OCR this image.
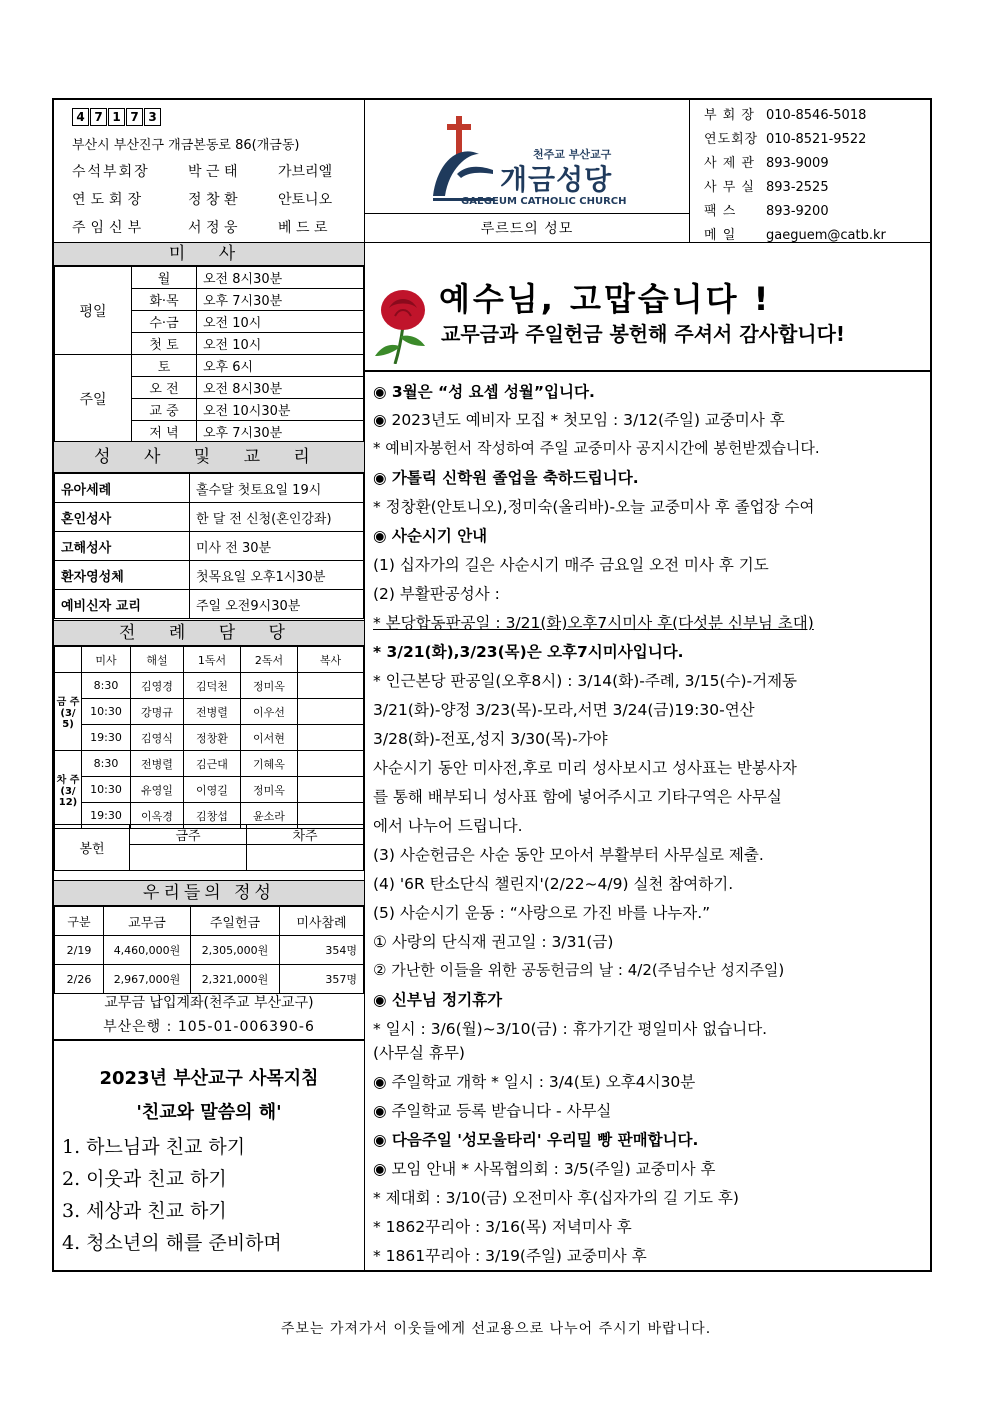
4 7 1 7 3
부산시 부산진구 개금본동로 86(개금동)
수석부회장	박 근 태	가브리엘
연도회장	정 창 환	안토니오
주임신부	서 정 웅	베 드 로
천주교 부산교구
개금성당
GAEGEUM CATHOLIC CHURCH
루르드의 성모
부 회 장 010-8546-5018
연도회장 010-8521-9522
사 제 관 893-9009
사 무 실 893-2525
팩 스 893-9200
메 일 gaeguem@catb.kr
미 사
평일	월	오전 8시30분
	화·목	오후 7시30분
	수·금	오전 10시
	첫 토	오전 10시
주일	토	오후 6시
	오 전	오전 8시30분
	교 중	오전 10시30분
	저 녁	오후 7시30분
성 사 및 교 리
유아세례	홀수달 첫토요일 19시
혼인성사	한 달 전 신청(혼인강좌)
고해성사	미사 전 30분
환자영성체	첫목요일 오후1시30분
예비신자 교리	주일 오전9시30분
전 례 담 당
	미사	해설	1독서	2독서	복사
금 주 (3/ 5)	8:30	김영경	김덕천	정미옥	
	10:30	강명규	전병렬	이우선	
	19:30	김영식	정창환	이서현	
차 주 (3/ 12)	8:30	전병렬	김근대	기혜옥	
	10:30	유영일	이영길	정미옥	
	19:30	이옥경	김창섭	윤소라	
봉헌	금주	차주

우리들의 정성
구분	교무금	주일헌금	미사참례
2/19	4,460,000원	2,305,000원	354명
2/26	2,967,000원	2,321,000원	357명
교무금 납입계좌(천주교 부산교구)
부산은행 : 105-01-006390-6
2023년 부산교구 사목지침
'친교와 말씀의 해'
1. 하느님과 친교 하기
2. 이웃과 친교 하기
3. 세상과 친교 하기
4. 청소년의 해를 준비하며
예수님, 고맙습니다 !
교무금과 주일헌금 봉헌해 주셔서 감사합니다!
◉ 3월은 “성 요셉 성월”입니다.
◉ 2023년도 예비자 모집 * 첫모임 : 3/12(주일) 교중미사 후
* 예비자봉헌서 작성하여 주일 교중미사 공지시간에 봉헌받겠습니다.
◉ 가톨릭 신학원 졸업을 축하드립니다.
* 정창환(안토니오),정미숙(올리바)-오늘 교중미사 후 졸업장 수여
◉ 사순시기 안내
(1) 십자가의 길은 사순시기 매주 금요일 오전 미사 후 기도
(2) 부활판공성사 :
* 본당합동판공일 : 3/21(화)오후7시미사 후(다섯분 신부님 초대)
* 3/21(화),3/23(목)은 오후7시미사입니다.
* 인근본당 판공일(오후8시) : 3/14(화)-주례, 3/15(수)-거제동
3/21(화)-양정 3/23(목)-모라,서면 3/24(금)19:30-연산
3/28(화)-전포,성지 3/30(목)-가야
사순시기 동안 미사전,후로 미리 성사보시고 성사표는 반봉사자
를 통해 배부되니 성사표 함에 넣어주시고 기타구역은 사무실
에서 나누어 드립니다.
(3) 사순헌금은 사순 동안 모아서 부활부터 사무실로 제출.
(4) '6R 탄소단식 챌린지'(2/22~4/9) 실천 참여하기.
(5) 사순시기 운동 : “사랑으로 가진 바를 나누자.”
① 사랑의 단식재 권고일 : 3/31(금)
② 가난한 이들을 위한 공동헌금의 날 : 4/2(주님수난 성지주일)
◉ 신부님 정기휴가
* 일시 : 3/6(월)~3/10(금) : 휴가기간 평일미사 없습니다.
(사무실 휴무)
◉ 주일학교 개학 * 일시 : 3/4(토) 오후4시30분
◉ 주일학교 등록 받습니다 - 사무실
◉ 다음주일 '성모울타리' 우리밀 빵 판매합니다.
◉ 모임 안내 * 사목협의회 : 3/5(주일) 교중미사 후
* 제대회 : 3/10(금) 오전미사 후(십자가의 길 기도 후)
* 1862꾸리아 : 3/16(목) 저녁미사 후
* 1861꾸리아 : 3/19(주일) 교중미사 후
주보는 가져가서 이웃들에게 선교용으로 나누어 주시기 바랍니다.
